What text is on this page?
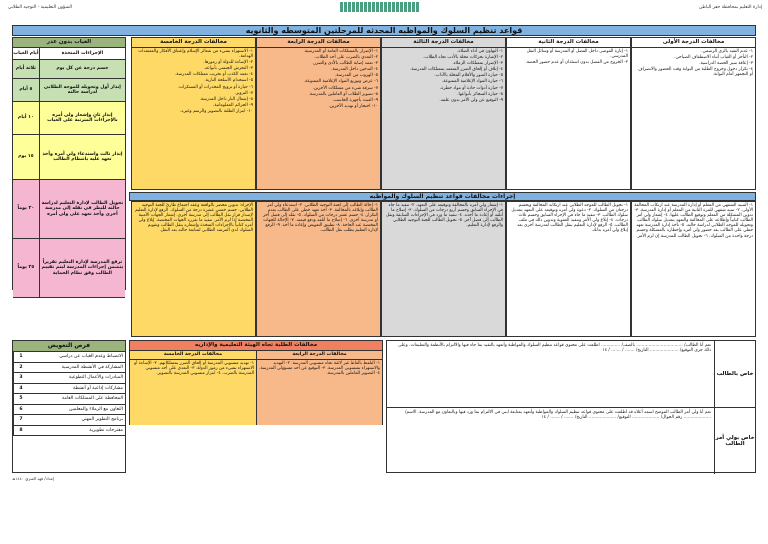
إدارة التعليم بمحافظة حفر الباطن
الشؤون التعليمية - التوجيه الطلابي
قواعد تنظيم السلوك والمواظبه المحدثه للمرحلتين المتوسطه والثانويه
مخالفات الدرجة الأولى

١- عدم التقيد بالزي الرسمي.

٢- التأخر أو الغياب أثناء الاصطفاف الصباحي.

٣- إعاقة سير الحصة الدراسية.

٤- تكرار دخول وخروج الطلبة من البوابة وقت الحضور والانصراف أو التجمهر أمام البوابة.

مخالفات الدرجة الثانية

١- إثارة الفوضى داخل الفصل أو المدرسة أو وسائل النقل المدرسي.

٢- الخروج من الفصل بدون استئذان أو عدم حضور الحصة.

مخالفات الدرجة الثالثة

١- التهاون في أداء الصلاة.

٢- الإشارة بحركات مخلة بالأدب تجاه الطلاب.

٣- الإضرار بممتلكات الزملاء.

٤- إتلاف أو إلحاق الضرر المتعمد بممتلكات المدرسة.

٥- حيازة الصور والأفلام المخلة بالآداب.

٦- حيازة المواد الإعلامية الممنوعة.

٧- حيازة أدوات حادة أو مواد خطرة.

٨- حيازة السجائر بأنواعها.

٩- التوقيع عن ولي الأمر بدون علمه.

مخالفات الدرجة الرابعة

١- الإضرار بالممتلكات العامة أو المدرسية.

٢- التعدي بالضرب على أحد الطلاب.

٣- تعمد إصابة الطالب بالأذى والضرر.

٤- التدخين داخل المدرسة.

٥- الهروب من المدرسة.

٦- عرض وتوزيع المواد الإعلامية الممنوعة.

٧- سرقة شيء من ممتلكات الآخرين.

٨- تصوير الطلاب أو العاملين بالمدرسة.

٩- العبث بأجهزة الحاسب.

١٠- احتجاز أو تهديد الآخرين.

مخالفات الدرجة الخامسة

١- الاستهزاء بشيء من شعائر الإسلام وإعتناق الأفكار والمعتقدات الهدامة.

٢- الإساءة للدولة أو رموزها.

٣- التحرش الجنسي بأنواعه.

٤- تعمد الكذب أو تخريب ممتلكات المدرسة.

٥- استخدام الأسلحة النارية.

٦- حيازة أو ترويج المخدرات أو المسكرات.

٧- التزوير.

٨- إشعال النار داخل المدرسة.

٩- الجرائم المعلوماتية.

١٠- ابتزاز الطلبة بالتصوير والرسم وغيره.

الغياب بدون عذر
الإجراءات المتخذة
أيام الغياب
حسم درجة عن كل يوم
ثلاثة أيام
إنذار أول وتحويله للموجه الطلابي لدراسة حالته
٥ أيام
إنذار ثانٍ وإشعار ولي أمره بالإجراءات المترتبة على الغياب
١٠ أيام
إنذار ثالث واستدعاء ولي أمره وأخذ تعهد عليه بانتظام الطالب
١٥ يوم
تحويل الطالب لإدارة التعليم لدراسة حالته للنظر في نقله إلى مدرسة أخرى وأخذ تعهد على ولي أمره
٢٠ يوماً
ترفع المدرسة لإدارة التعليم تقريراً يتضمن إجراءات المدرسة ليتم تقييم الطالب وفق نظام الحماية
٢٥ يوماً
إجراءات مخالفات قواعد تنظيم السلوك والمواظبه

١- التنبيه الشفهي من المعلم أو إدارة المدرسة عند ارتكاب المخالفة الأولى. ٢- تنبيه شفهي للمرة الثانية من المعلم أو إدارة المدرسة. ٣- تدوين المشكلة من المعلم وتوقيع الطالب عليها. ٤- إشعار ولي أمر الطالب كتابياً وإطلاعه على المخالفة والتعهد بتعديل سلوك الطالب وتحويله للموجه الطلابي لدراسة حالته. ٥- تأخذ إدارة المدرسة تعهد خطي على الطالب بعد حضور ولي أمره وإخطاره بالمشكلة وحسم درجة واحدة من السلوك. ٦- تحويل الطالب للمدرسة إن لزم الأمر.

١- تحويل الطالب للموجه الطلابي عند ارتكابه المخالفة ويحسم درجتان من السلوك. ٢- دعوة ولي أمره وتوقيعه على التعهد بتعديل سلوك الطالب. ٣- تنفيذ ما جاء في الإجراء السابق وحسم ثلاث درجات. ٤- إبلاغ ولي الأمر وتنفيذ العقوبة وتدوين ذلك في ملف الطالب. ٥- الرفع لإدارة التعليم بنقل الطالب لمدرسة أخرى بعد إبلاغ ولي أمره بذلك.

١- إشعار ولي أمره بالمخالفة وتوقيعه على التعهد. ٢- تنفيذ ما جاء في الإجراء السابق وحسم أربع درجات من السلوك. ٣- إصلاح ما أتلفه أو إعادة ما أخذه. ٤- تنفيذ ما ورد في الإجراءات السابقة ونقل الطالب إلى فصل آخر. ٥- تحويل الطالب للجنة التوجيه الطلابي والرفع لإدارة التعليم.

١- إحالة الطالب إلى لجنة التوجيه الطلابي. ٢- استدعاء ولي أمر الطالب وإبلاغه بالمخالفة. ٣- أخذ تعهد خطي على الطالب بعدم التكرار. ٤- حسم عشر درجات من السلوك. ٥- نقله إلى فصل آخر أو مدرسة أخرى. ٦- إصلاح ما أتلفه ودفع قيمته. ٧- الإحالة للجهات المختصة عند الحاجة. ٨- تطبيق التعويض وإعادة ما أخذ. ٩- الرفع لإدارة التعليم بطلب نقل الطالب.

الإجراء: تدوين محضر بالواقعة وعقد اجتماع طارئ للجنة التوجيه الطلابي. حسم خمس عشرة درجة من السلوك. الرفع لإدارة التعليم لإصدار قرار نقل الطالب إلى مدرسة أخرى. إشعار الجهات الأمنية المختصة إذا لزم الأمر. تنفيذ ما تقرره الجهات المختصة. إبلاغ ولي أمره كتابياً بالإجراءات المتخذة وإشعاره بنقل الطالب وتقويم السلوك لدى المرشد الطلابي لمتابعة حالته بعد النقل.

فرص التعويض
الانضباط وعدم الغياب عن دراسي
1
المشاركة في الأنشطة المدرسية
2
المبادرات والأعمال التطوعية
3
مشاركات إذاعية أو أنشطة
4
المحافظة على الممتلكات العامة
5
التعاون مع الزملاء والمعلمين
6
برنامج التطوير المهني
7
مقترحات تطويرية
8
مخالفات الطلبة تجاه الهيئة التعليمية والإداريه
مخالفات الدرجة الرابعة

١- التلفظ بألفاظ غير لائقة تجاه منسوبي المدرسة. ٢- التهديد والاستهزاء بمنسوبي المدرسة. ٣- التوقيع عن أحد مسؤولي المدرسة. ٤- التصوير للعاملين بالمدرسة.

مخالفات الدرجة الخامسة

١- تهديد منسوبي المدرسة أو إلحاق الضرر بممتلكاتهم. ٢- الإساءة أو الاستهزاء بشيء من رموز الدولة. ٣- التعدي على أحد منسوبي المدرسة بالضرب. ٤- ابتزاز منسوبي المدرسة بالتصوير.	خاص بالطالب
نعم أنا الطالب/ .................................. بالصف/ .............. اطلعت على محتوى قواعد تنظيم السلوك والمواظبة وأتعهد بالتقيد بما جاء فيها والالتزام بالأنظمة والتعليمات. وعلى ذلك جرى التوقيع/ ..................... التاريخ/ ....... / ....... / ١٤
خاص بولي أمر الطالب
نعم أنا ولي أمر الطالب الموضح اسمه أعلاه قد اطلعت على محتوى قواعد تنظيم السلوك والمواظبة وأتعهد بمتابعة ابني في الالتزام بما ورد فيها وبالتعاون مع المدرسة. الاسم/ .................... رقم الجوال/ .................... التوقيع/ .................... التاريخ/ ....... / ....... / ١٤
إعداد/ فهد العنزي ١٤٤٠هـ
